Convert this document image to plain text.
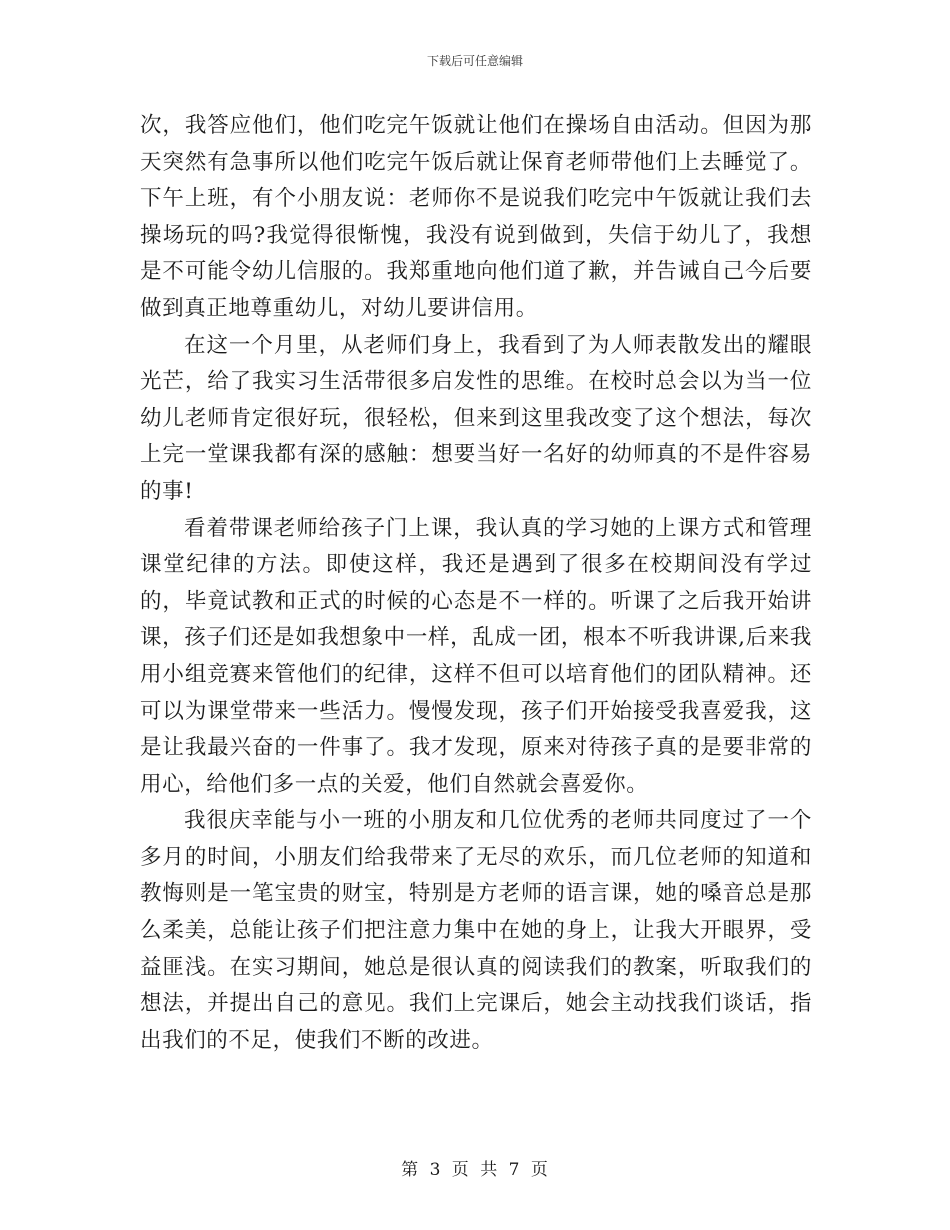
下载后可任意编辑

次，我答应他们，他们吃完午饭就让他们在操场自由活动。但因为那天突然有急事所以他们吃完午饭后就让保育老师带他们上去睡觉了。下午上班，有个小朋友说：老师你不是说我们吃完中午饭就让我们去操场玩的吗?我觉得很惭愧，我没有说到做到，失信于幼儿了，我想是不可能令幼儿信服的。我郑重地向他们道了歉，并告诫自己今后要做到真正地尊重幼儿，对幼儿要讲信用。

在这一个月里，从老师们身上，我看到了为人师表散发出的耀眼光芒，给了我实习生活带很多启发性的思维。在校时总会以为当一位幼儿老师肯定很好玩，很轻松，但来到这里我改变了这个想法，每次上完一堂课我都有深的感触：想要当好一名好的幼师真的不是件容易的事!

看着带课老师给孩子门上课，我认真的学习她的上课方式和管理课堂纪律的方法。即使这样，我还是遇到了很多在校期间没有学过的，毕竟试教和正式的时候的心态是不一样的。听课了之后我开始讲课，孩子们还是如我想象中一样，乱成一团，根本不听我讲课,后来我用小组竞赛来管他们的纪律，这样不但可以培育他们的团队精神。还可以为课堂带来一些活力。慢慢发现，孩子们开始接受我喜爱我，这是让我最兴奋的一件事了。我才发现，原来对待孩子真的是要非常的用心，给他们多一点的关爱，他们自然就会喜爱你。

我很庆幸能与小一班的小朋友和几位优秀的老师共同度过了一个多月的时间，小朋友们给我带来了无尽的欢乐，而几位老师的知道和教悔则是一笔宝贵的财宝，特别是方老师的语言课，她的嗓音总是那么柔美，总能让孩子们把注意力集中在她的身上，让我大开眼界，受益匪浅。在实习期间，她总是很认真的阅读我们的教案，听取我们的想法，并提出自己的意见。我们上完课后，她会主动找我们谈话，指出我们的不足，使我们不断的改进。

第 3 页 共 7 页
